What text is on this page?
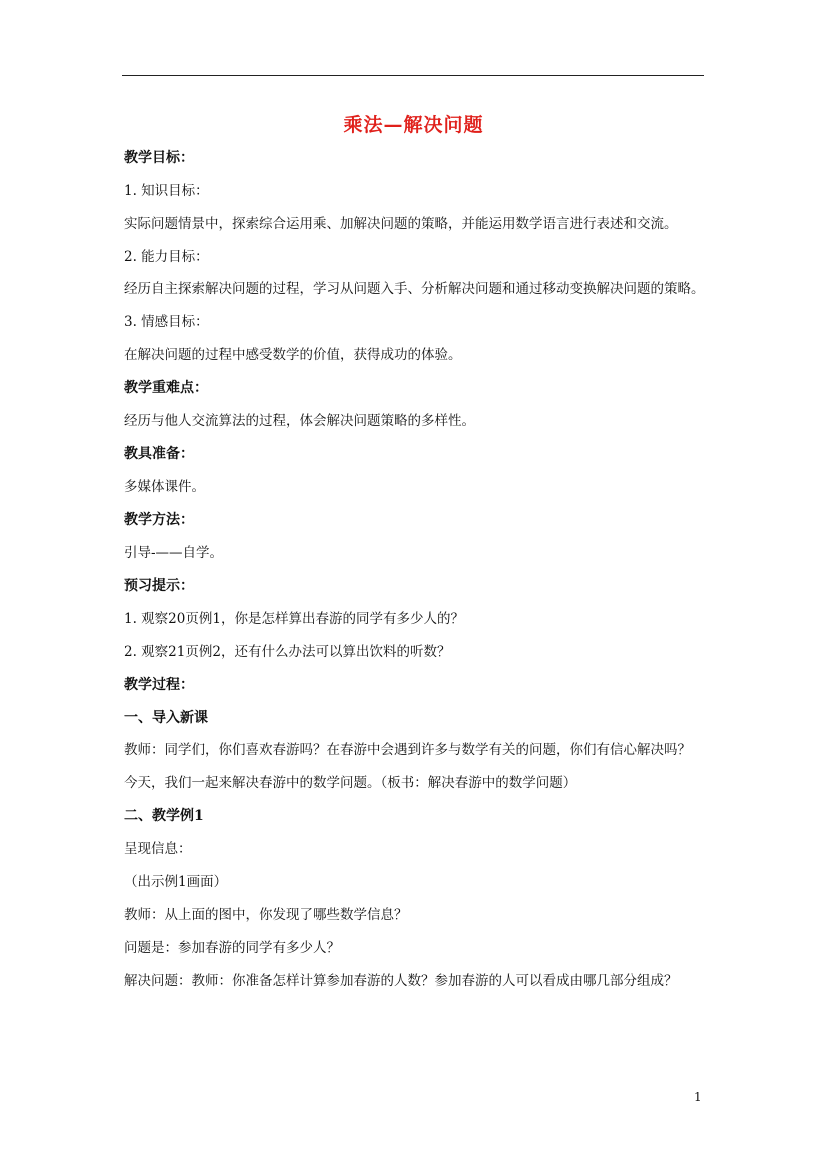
乘法—解决问题
教学目标：
1. 知识目标：
实际问题情景中，探索综合运用乘、加解决问题的策略，并能运用数学语言进行表述和交流。
2. 能力目标：
经历自主探索解决问题的过程，学习从问题入手、分析解决问题和通过移动变换解决问题的策略。
3. 情感目标：
在解决问题的过程中感受数学的价值，获得成功的体验。
教学重难点：
经历与他人交流算法的过程，体会解决问题策略的多样性。
教具准备：
多媒体课件。
教学方法：
引导-——自学。
预习提示：
1. 观察20页例1，你是怎样算出春游的同学有多少人的？
2. 观察21页例2，还有什么办法可以算出饮料的听数？
教学过程：
一、导入新课
教师：同学们，你们喜欢春游吗？在春游中会遇到许多与数学有关的问题，你们有信心解决吗？
今天，我们一起来解决春游中的数学问题。（板书：解决春游中的数学问题）
二、教学例1
呈现信息：
（出示例1画面）
教师：从上面的图中，你发现了哪些数学信息？
问题是：参加春游的同学有多少人？
解决问题：教师：你准备怎样计算参加春游的人数？参加春游的人可以看成由哪几部分组成？
1
